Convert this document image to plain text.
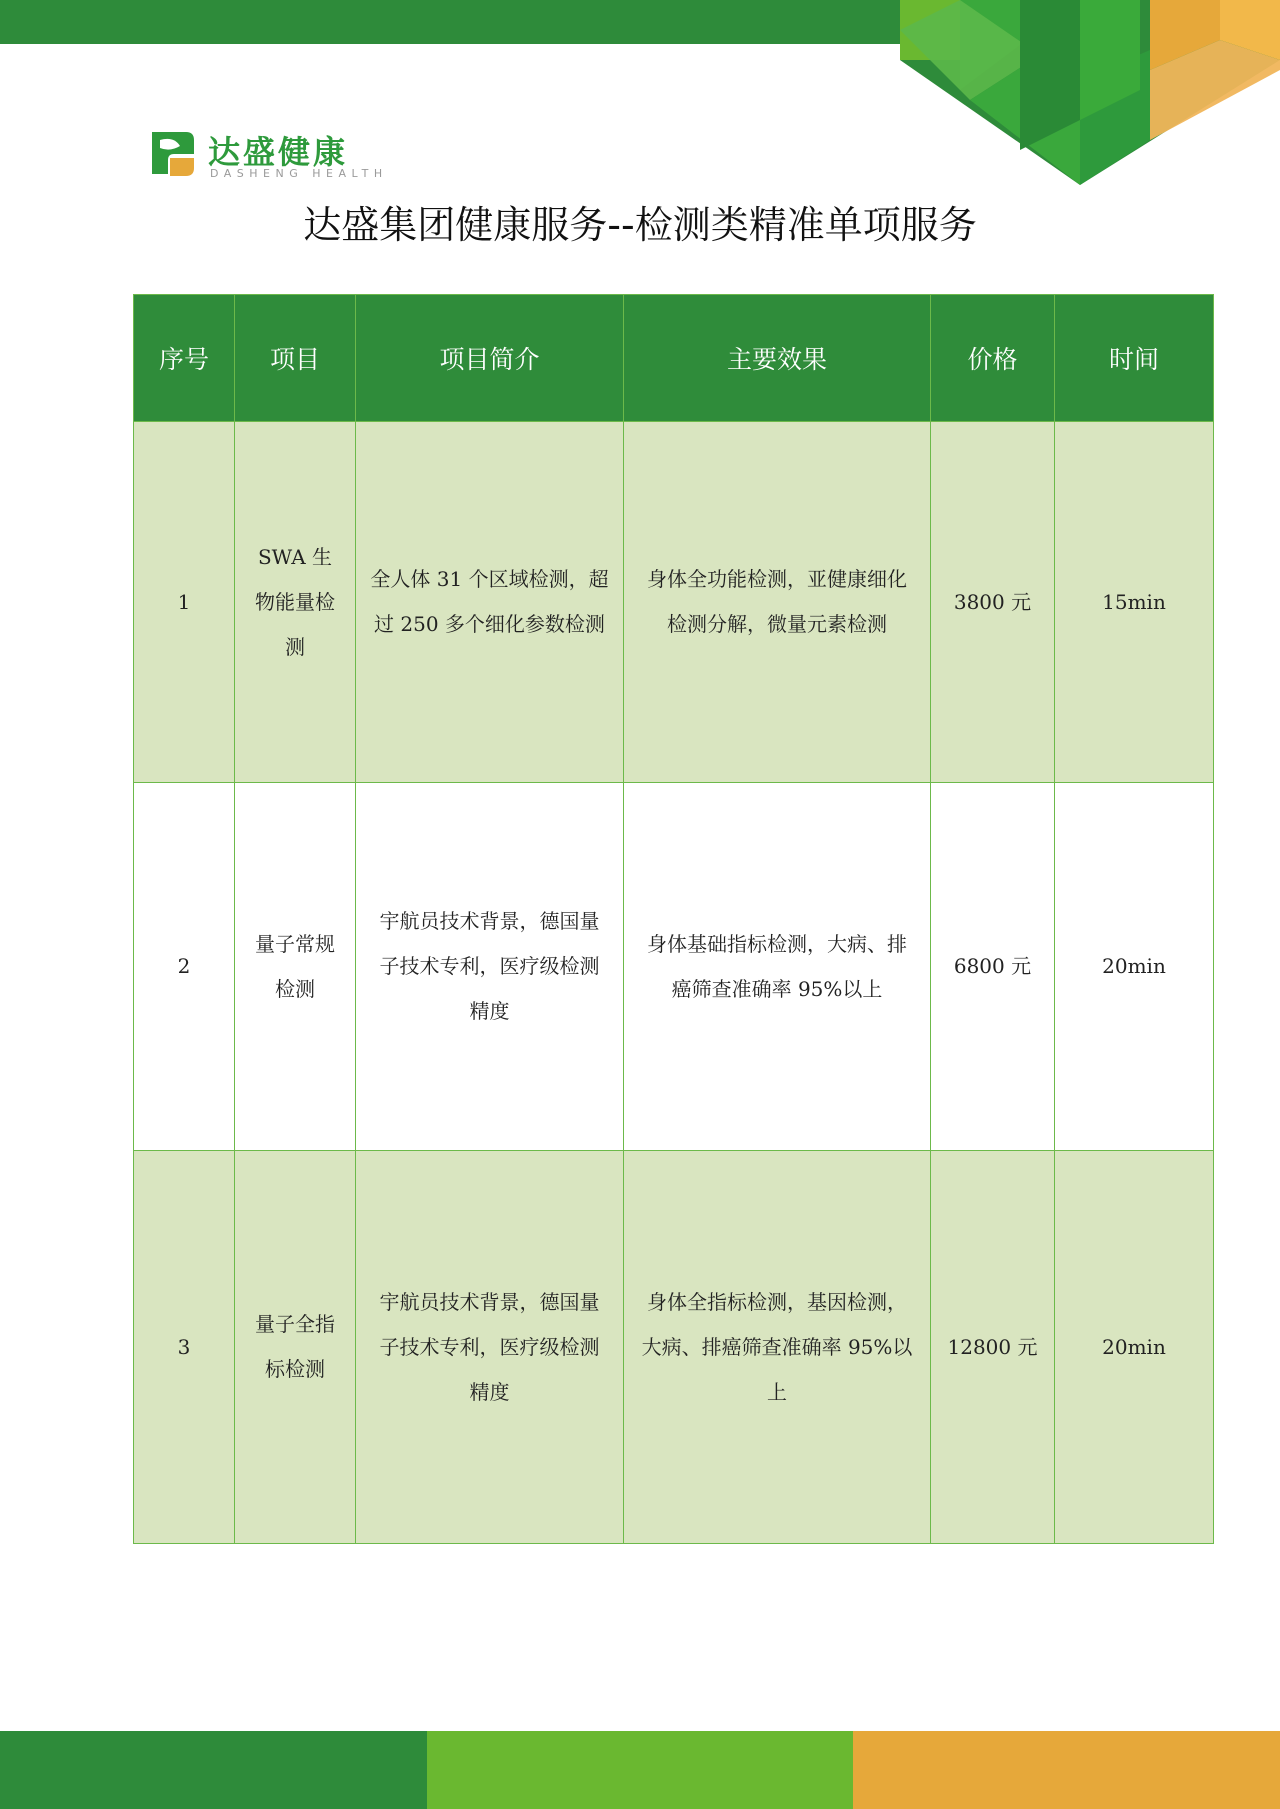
达盛健康
DASHENG HEALTH
达盛集团健康服务--检测类精准单项服务
序号	项目	项目简介	主要效果	价格	时间
1	SWA 生物能量检测	全人体 31 个区域检测，超过 250 多个细化参数检测	身体全功能检测，亚健康细化检测分解，微量元素检测	3800 元	15min
2	量子常规检测	宇航员技术背景，德国量子技术专利，医疗级检测精度	身体基础指标检测，大病、排癌筛查准确率 95%以上	6800 元	20min
3	量子全指标检测	宇航员技术背景，德国量子技术专利，医疗级检测精度	身体全指标检测，基因检测，大病、排癌筛查准确率 95%以上	12800 元	20min
